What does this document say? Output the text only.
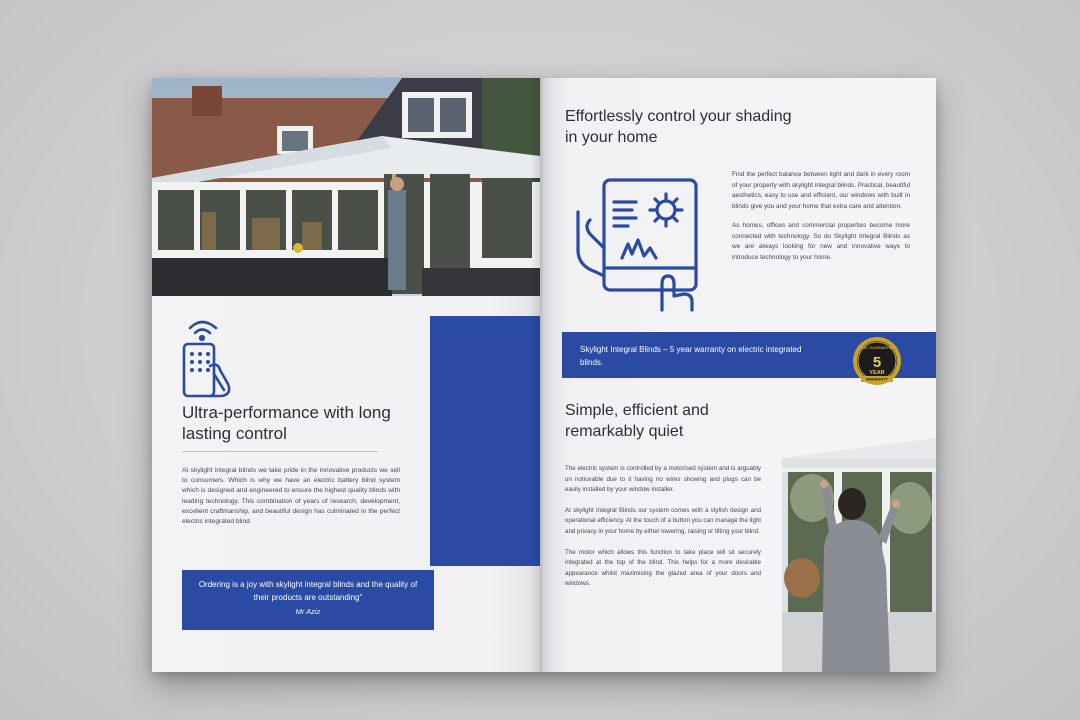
Ultra-performance with long lasting control
At skylight integral blinds we take pride in the innovative products we sell to consumers. Which is why we have an electric battery blind system which is designed and engineered to ensure the highest quality blinds with leading technology. This combination of years of research, development, excellent craftmanship, and beautiful design has culminated in the perfect electric integrated blind
Ordering is a joy with skylight integral blinds and the quality of their products are outstanding"
Mr Aziz
Effortlessly control your shading in your home

Find the perfect balance between light and dark in every room of your property with skylight integral blinds. Practical, beautiful aesthetics, easy to use and efficient, our windows with built in blinds give you and your home that extra care and attention.

As homes, offices and commercial properties become more connected with technology. So do Skylight Integral Blinds as we are always looking for new and innovative ways to introduce technology to your home.

Skylight Integral Blinds – 5 year warranty on electric integrated blinds.
THE GUARANTEE
5
YEAR
WARRANTY
Simple, efficient and remarkably quiet

The electric system is controlled by a motorised system and is arguably un noticeable due to it having no wires showing and plugs can be easily installed by your window installer.

At skylight Integral Blinds our system comes with a stylish design and operational efficiency. At the touch of a button you can manage the light and privacy in your home by either lowering, raising or tilting your blind.

The motor which allows this function to take place will sit securely integrated at the top of the blind. This helps for a more desirable appearance whilst maximising the glazed area of your doors and windows.
